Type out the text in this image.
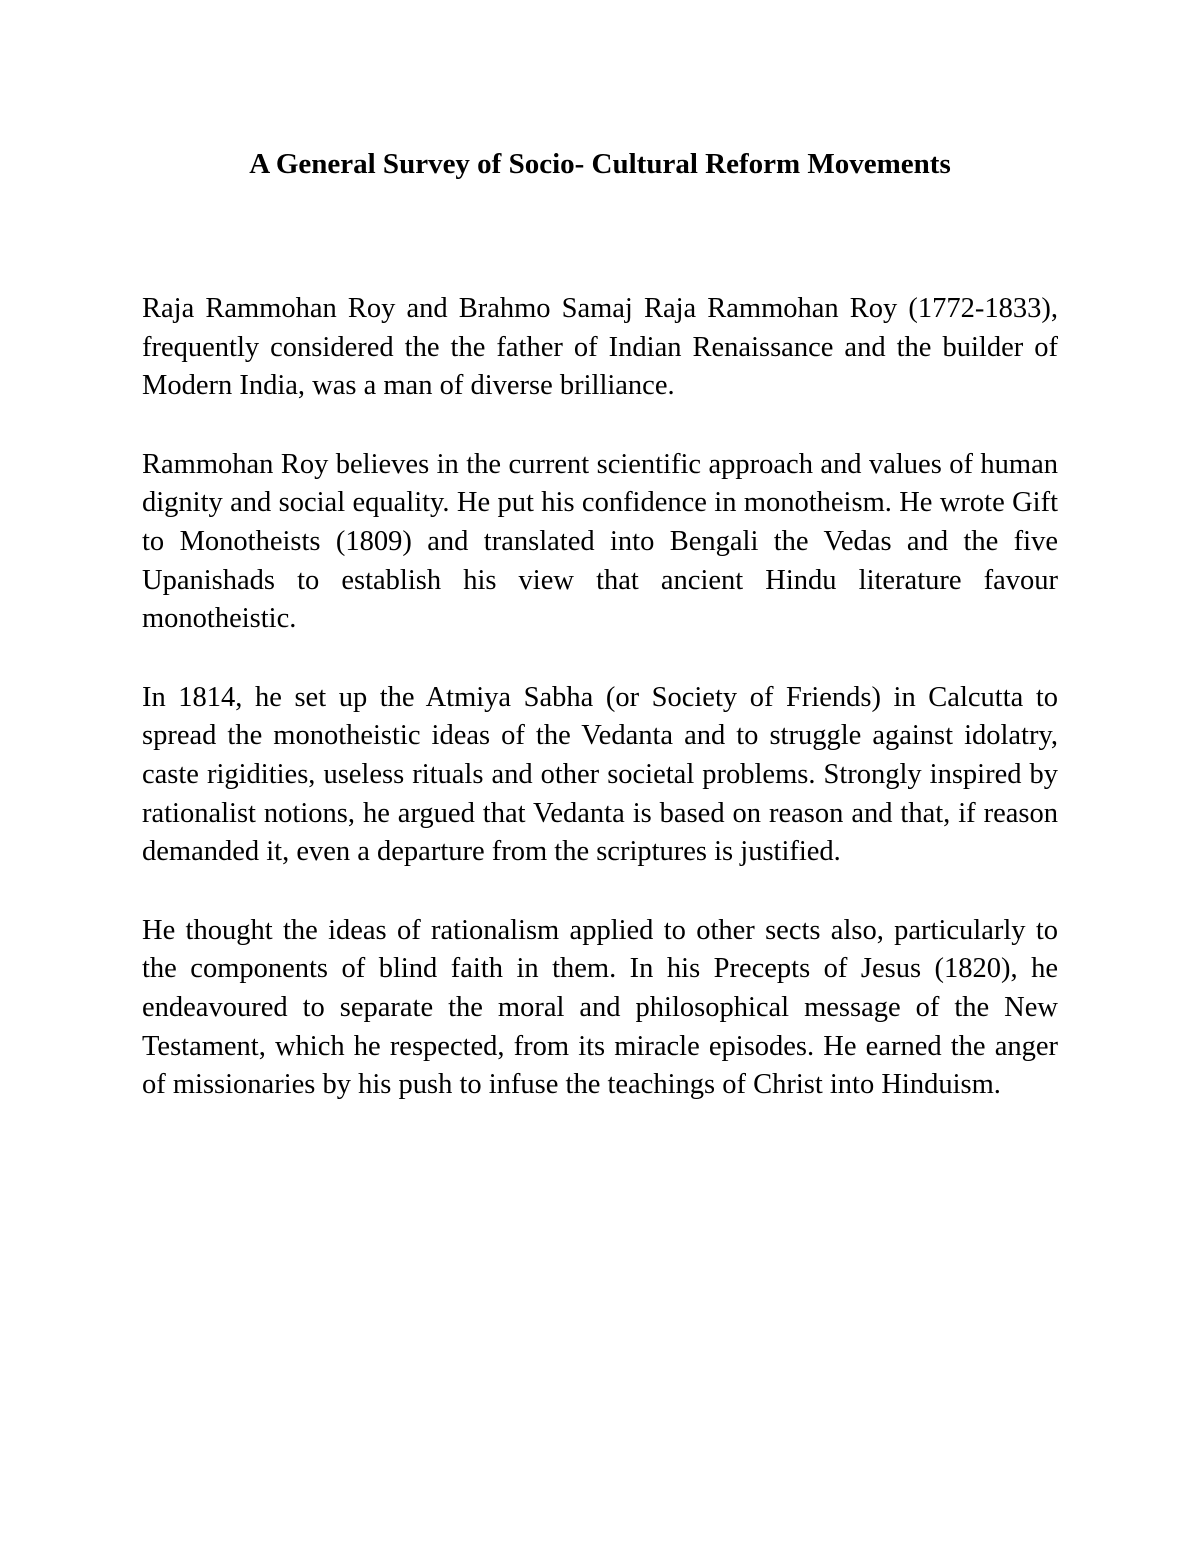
A General Survey of Socio- Cultural Reform Movements

Raja Rammohan Roy and Brahmo Samaj Raja Rammohan Roy (1772-1833), frequently considered the the father of Indian Renaissance and the builder of Modern India, was a man of diverse brilliance.

Rammohan Roy believes in the current scientific approach and values of human dignity and social equality. He put his confidence in monotheism. He wrote Gift to Monotheists (1809) and translated into Bengali the Vedas and the five Upanishads to establish his view that ancient Hindu literature favour monotheistic.

In 1814, he set up the Atmiya Sabha (or Society of Friends) in Calcutta to spread the monotheistic ideas of the Vedanta and to struggle against idolatry, caste rigidities, useless rituals and other societal problems. Strongly inspired by rationalist notions, he argued that Vedanta is based on reason and that, if reason demanded it, even a departure from the scriptures is justified.

He thought the ideas of rationalism applied to other sects also, particularly to the components of blind faith in them. In his Precepts of Jesus (1820), he endeavoured to separate the moral and philosophical message of the New Testament, which he respected, from its miracle episodes. He earned the anger of missionaries by his push to infuse the teachings of Christ into Hinduism.
